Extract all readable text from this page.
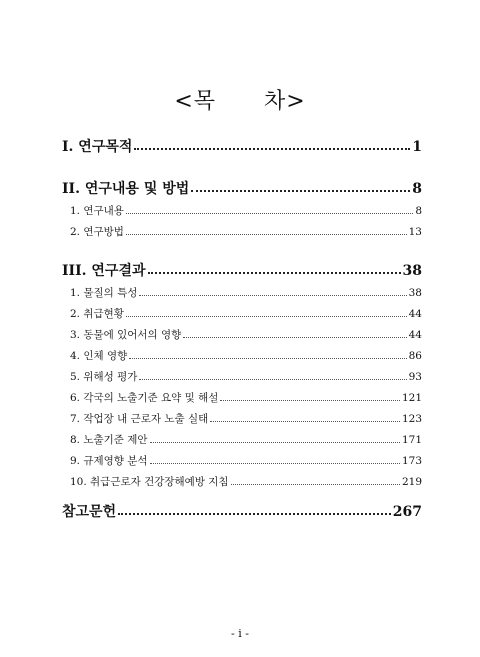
<목 차>
I. 연구목적	1
II. 연구내용 및 방법	8
1. 연구내용	8
2. 연구방법	13
III. 연구결과	38
1. 물질의 특성	38
2. 취급현황	44
3. 동물에 있어서의 영향	44
4. 인체 영향	86
5. 위해성 평가	93
6. 각국의 노출기준 요약 및 해설	121
7. 작업장 내 근로자 노출 실태	123
8. 노출기준 제안	171
9. 규제영향 분석	173
10. 취급근로자 건강장해예방 지침	219
참고문헌	267
- i -
